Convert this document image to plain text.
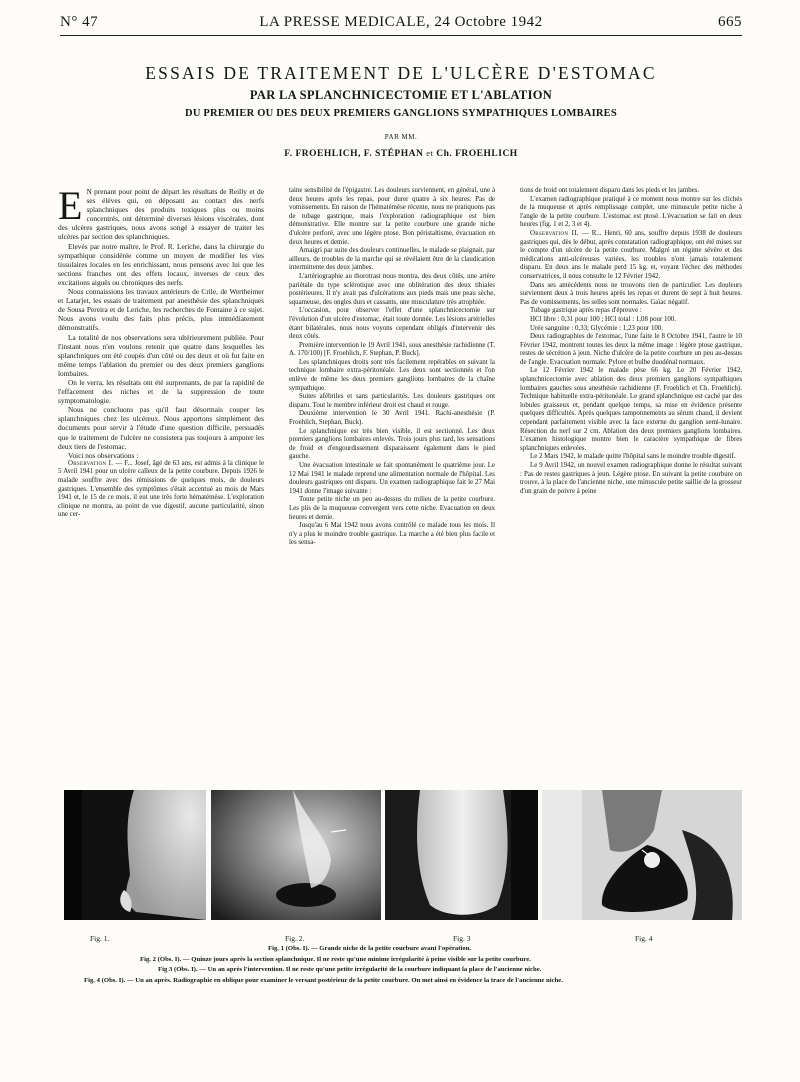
N° 47	LA PRESSE MEDICALE, 24 Octobre 1942	665
ESSAIS DE TRAITEMENT DE L'ULCÈRE D'ESTOMAC
PAR LA SPLANCHNICECTOMIE ET L'ABLATION
DU PREMIER OU DES DEUX PREMIERS GANGLIONS SYMPATHIQUES LOMBAIRES
PAR MM.
F. FROEHLICH, F. STÉPHAN et Ch. FROEHLICH

E N prenant pour point de départ les résultats de Reilly et de ses élèves qui, en déposant au contact des nerfs splanchniques des produits toxiques plus ou moins concentrés, ont déterminé diverses lésions viscérales, dont des ulcères gastriques, nous avons songé à essayer de traiter les ulcères par section des splanchniques.

Elevés par notre maître, le Prof. R. Leriche, dans la chirurgie du sympathique considérée comme un moyen de modifier les vies tissulaires locales en les enrichissant, nous pensons avec lui que les sections franches ont des effets locaux, inverses de ceux des excitations aiguës ou chroniques des nerfs.

Nous connaissions les travaux antérieurs de Crile, de Wertheimer et Latarjet, les essais de traitement par anesthésie des splanchniques de Sousa Pereira et de Leriche, les recherches de Fontaine à ce sujet. Nous avons voulu des faits plus précis, plus immédiatement démonstratifs.

La totalité de nos observations sera ultérieurement publiée. Pour l'instant nous n'en voulons retenir que quatre dans lesquelles les splanchniques ont été coupés d'un côté ou des deux et où fut faite en même temps l'ablation du premier ou des deux premiers ganglions lombaires.

On le verra, les résultats ont été surprenants, de par la rapidité de l'effacement des niches et de la suppression de toute symptomatologie.

Nous ne concluons pas qu'il faut désormais couper les splanchniques chez les ulcéreux. Nous apportons simplement des documents pour servir à l'étude d'une question difficile, persuadés que le traitement de l'ulcère ne consistera pas toujours à amputer les deux tiers de l'estomac.

Voici nos observations :

Observation I. — F... Josef, âgé de 63 ans, est admis à la clinique le 5 Avril 1941 pour un ulcère calleux de la petite courbure. Depuis 1926 le malade souffre avec des rémissions de quelques mois, de douleurs gastriques. L'ensemble des symptômes s'était accentué au mois de Mars 1941 et, le 15 de ce mois, il eut une très forte hématémèse. L'exploration clinique ne montra, au point de vue digestif, aucune particularité, sinon une cer-

taine sensibilité de l'épigastre. Les douleurs surviennent, en général, une à deux heures après les repas, pour durer quatre à six heures. Pas de vomissements. En raison de l'hématémèse récente, nous ne pratiquons pas de tubage gastrique, mais l'exploration radiographique est bien démonstrative. Elle montre sur la petite courbure une grande niche d'ulcère perforé, avec une légère ptose. Bon péristaltisme, évacuation en deux heures et demie.

Amaigri par suite des douleurs continuelles, le malade se plaignait, par ailleurs, de troubles de la marche qui se révélaient être de la claudication intermittente des deux jambes.

L'artériographie au thorotrast nous montra, des deux côtés, une artère pariétale du type sclérotique avec une oblitération des deux tibiales postérieures. Il n'y avait pas d'ulcérations aux pieds mais une peau sèche, squameuse, des ongles durs et cassants, une musculature très atrophiée.

L'occasion, pour observer l'effet d'une splanchnicectomie sur l'évolution d'un ulcère d'estomac, était toute donnée. Les lésions artérielles étant bilatérales, nous nous voyons cependant obligés d'intervenir des deux côtés.

Première intervention le 19 Avril 1941, sous anesthésie rachidienne (T. A. 170/100) [F. Froehlich, F. Stephan, P. Buck].

Les splanchniques droits sont très facilement repérables en suivant la technique lombaire extra-péritonéale. Les deux sont sectionnés et l'on enlève de même les deux premiers ganglions lombaires de la chaîne sympathique.

Suites afébriles et sans particularités. Les douleurs gastriques ont disparu. Tout le membre inférieur droit est chaud et rouge.

Deuxième intervention le 30 Avril 1941. Rachi-anesthésie (P. Froehlich, Stephan, Buck).

Le splanchnique est très bien visible, il est sectionné. Les deux premiers ganglions lombaires enlevés. Trois jours plus tard, les sensations de froid et d'engourdissement disparaissent également dans le pied gauche.

Une évacuation intestinale se fait spontanément le quatrième jour. Le 12 Mai 1941 le malade reprend une alimentation normale de l'hôpital. Les douleurs gastriques ont disparu. Un examen radiographique fait le 27 Mai 1941 donne l'image suivante :

Toute petite niche un peu au-dessus du milieu de la petite courbure. Les plis de la muqueuse convergent vers cette niche. Evacuation en deux heures et demie.

Jusqu'au 6 Mai 1942 nous avons contrôlé ce malade tous les mois. Il n'y a plus le moindre trouble gastrique. La marche a été bien plus facile et les sensa-

tions de froid ont totalement disparu dans les pieds et les jambes.

L'examen radiographique pratiqué à ce moment nous montre sur les clichés de la muqueuse et après remplissage complet, une minuscule petite niche à l'angle de la petite courbure. L'estomac est ptosé. L'évacuation se fait en deux heures (fig. 1 et 2, 3 et 4).

Observation II. — R... Henri, 60 ans, souffre depuis 1938 de douleurs gastriques qui, dès le début, après constatation radiographique, ont été mises sur le compte d'un ulcère de la petite courbure. Malgré un régime sévère et des médications anti-ulcéreuses variées, les troubles n'ont jamais totalement disparu. En deux ans le malade perd 15 kg. et, voyant l'échec des méthodes conservatrices, il nous consulte le 12 Février 1942.

Dans ses antécédents nous ne trouvons rien de particulier. Les douleurs surviennent deux à trois heures après les repas et durent de sept à huit heures. Pas de vomissements, les selles sont normales. Gaïac négatif.

Tubage gastrique après repas d'épreuve :

HCl libre : 0,31 pour 100 ; HCl total : 1,08 pour 100.

Urée sanguine : 0,33; Glycémie : 1,23 pour 100.

Deux radiographies de l'estomac, l'une faite le 8 Octobre 1941, l'autre le 10 Février 1942, montrent toutes les deux la même image : légère ptose gastrique, restes de sécrétion à jeun. Niche d'ulcère de la petite courbure un peu au-dessus de l'angle. Evacuation normale. Pylore et bulbe duodénal normaux.

Le 12 Février 1942 le malade pèse 66 kg. Le 20 Février 1942, splanchnicectomie avec ablation des deux premiers ganglions sympathiques lombaires gauches sous anesthésie rachidienne (F. Froehlich et Ch. Froehlich). Technique habituelle extra-péritonéale. Le grand splanchnique est caché par des lobules graisseux et, pendant quelque temps, sa mise en évidence présente quelques difficultés. Après quelques tamponnements au sérum chaud, il devient cependant parfaitement visible avec la face externe du ganglion semi-lunaire. Résection du nerf sur 2 cm. Ablation des deux premiers ganglions lombaires. L'examen histologique montre bien le caractère sympathique de fibres splanchniques enlevées.

Le 2 Mars 1942, le malade quitte l'hôpital sans le moindre trouble digestif.

Le 9 Avril 1942, un nouvel examen radiographique donne le résultat suivant : Pas de restes gastriques à jeun. Légère ptose. En suivant la petite courbure on trouve, à la place de l'ancienne niche, une minuscule petite saillie de la grosseur d'un grain de poivre à peine

Fig. 1.	Fig. 2.	Fig. 3	Fig. 4
Fig. 1 (Obs. I). — Grande niche de la petite courbure avant l'opération.
Fig. 2 (Obs. I). — Quinze jours après la section splanchnique. Il ne reste qu'une minime irrégularité à peine visible sur la petite courbure.
Fig 3 (Obs. I). — Un an après l'intervention. Il ne reste qu'une petite irrégularité de la courbure indiquant la place de l'ancienne niche.
Fig. 4 (Obs. I). — Un an après. Radiographie en oblique pour examiner le versant postérieur de la petite courbure. On met ainsi en évidence la trace de l'ancienne niche.
